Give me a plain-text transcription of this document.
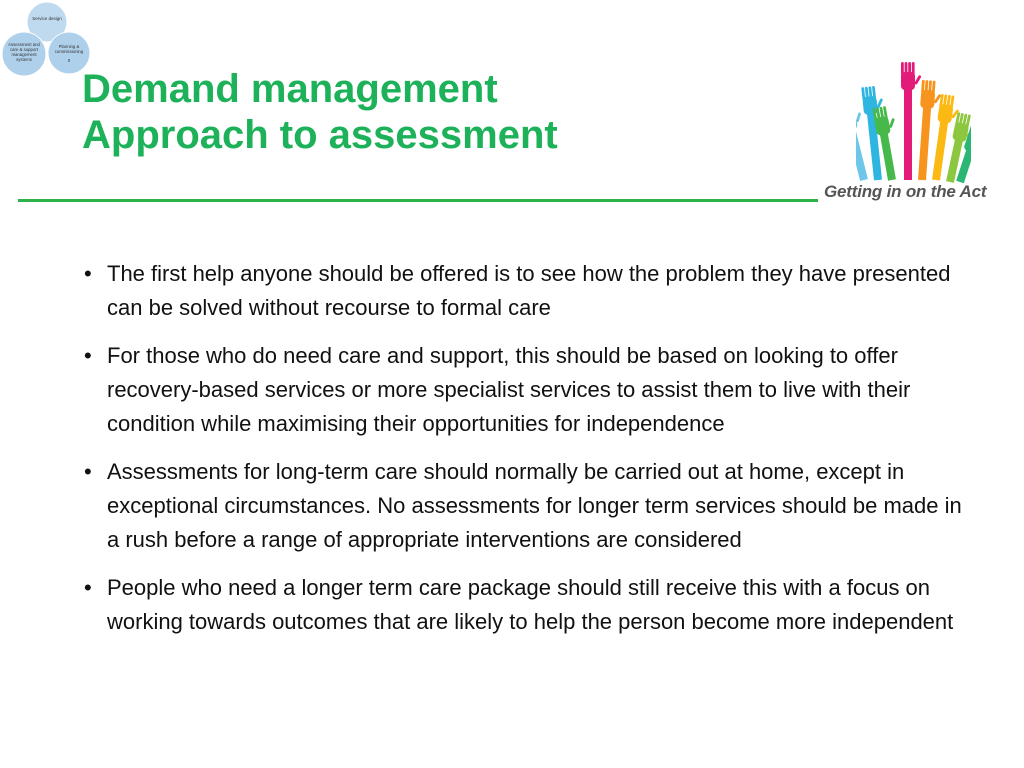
Service design
Assessment and care & support management systems
Planning & commissioning
0
Demand management
Approach to assessment
Getting in on the Act
• The first help anyone should be offered is to see how the problem they have presented can be solved without recourse to formal care
• For those who do need care and support, this should be based on looking to offer recovery-based services or more specialist services to assist them to live with their condition while maximising their opportunities for independence
• Assessments for long-term care should normally be carried out at home, except in exceptional circumstances. No assessments for longer term services should be made in a rush before a range of appropriate interventions are considered
• People who need a longer term care package should still receive this with a focus on working towards outcomes that are likely to help the person become more independent
